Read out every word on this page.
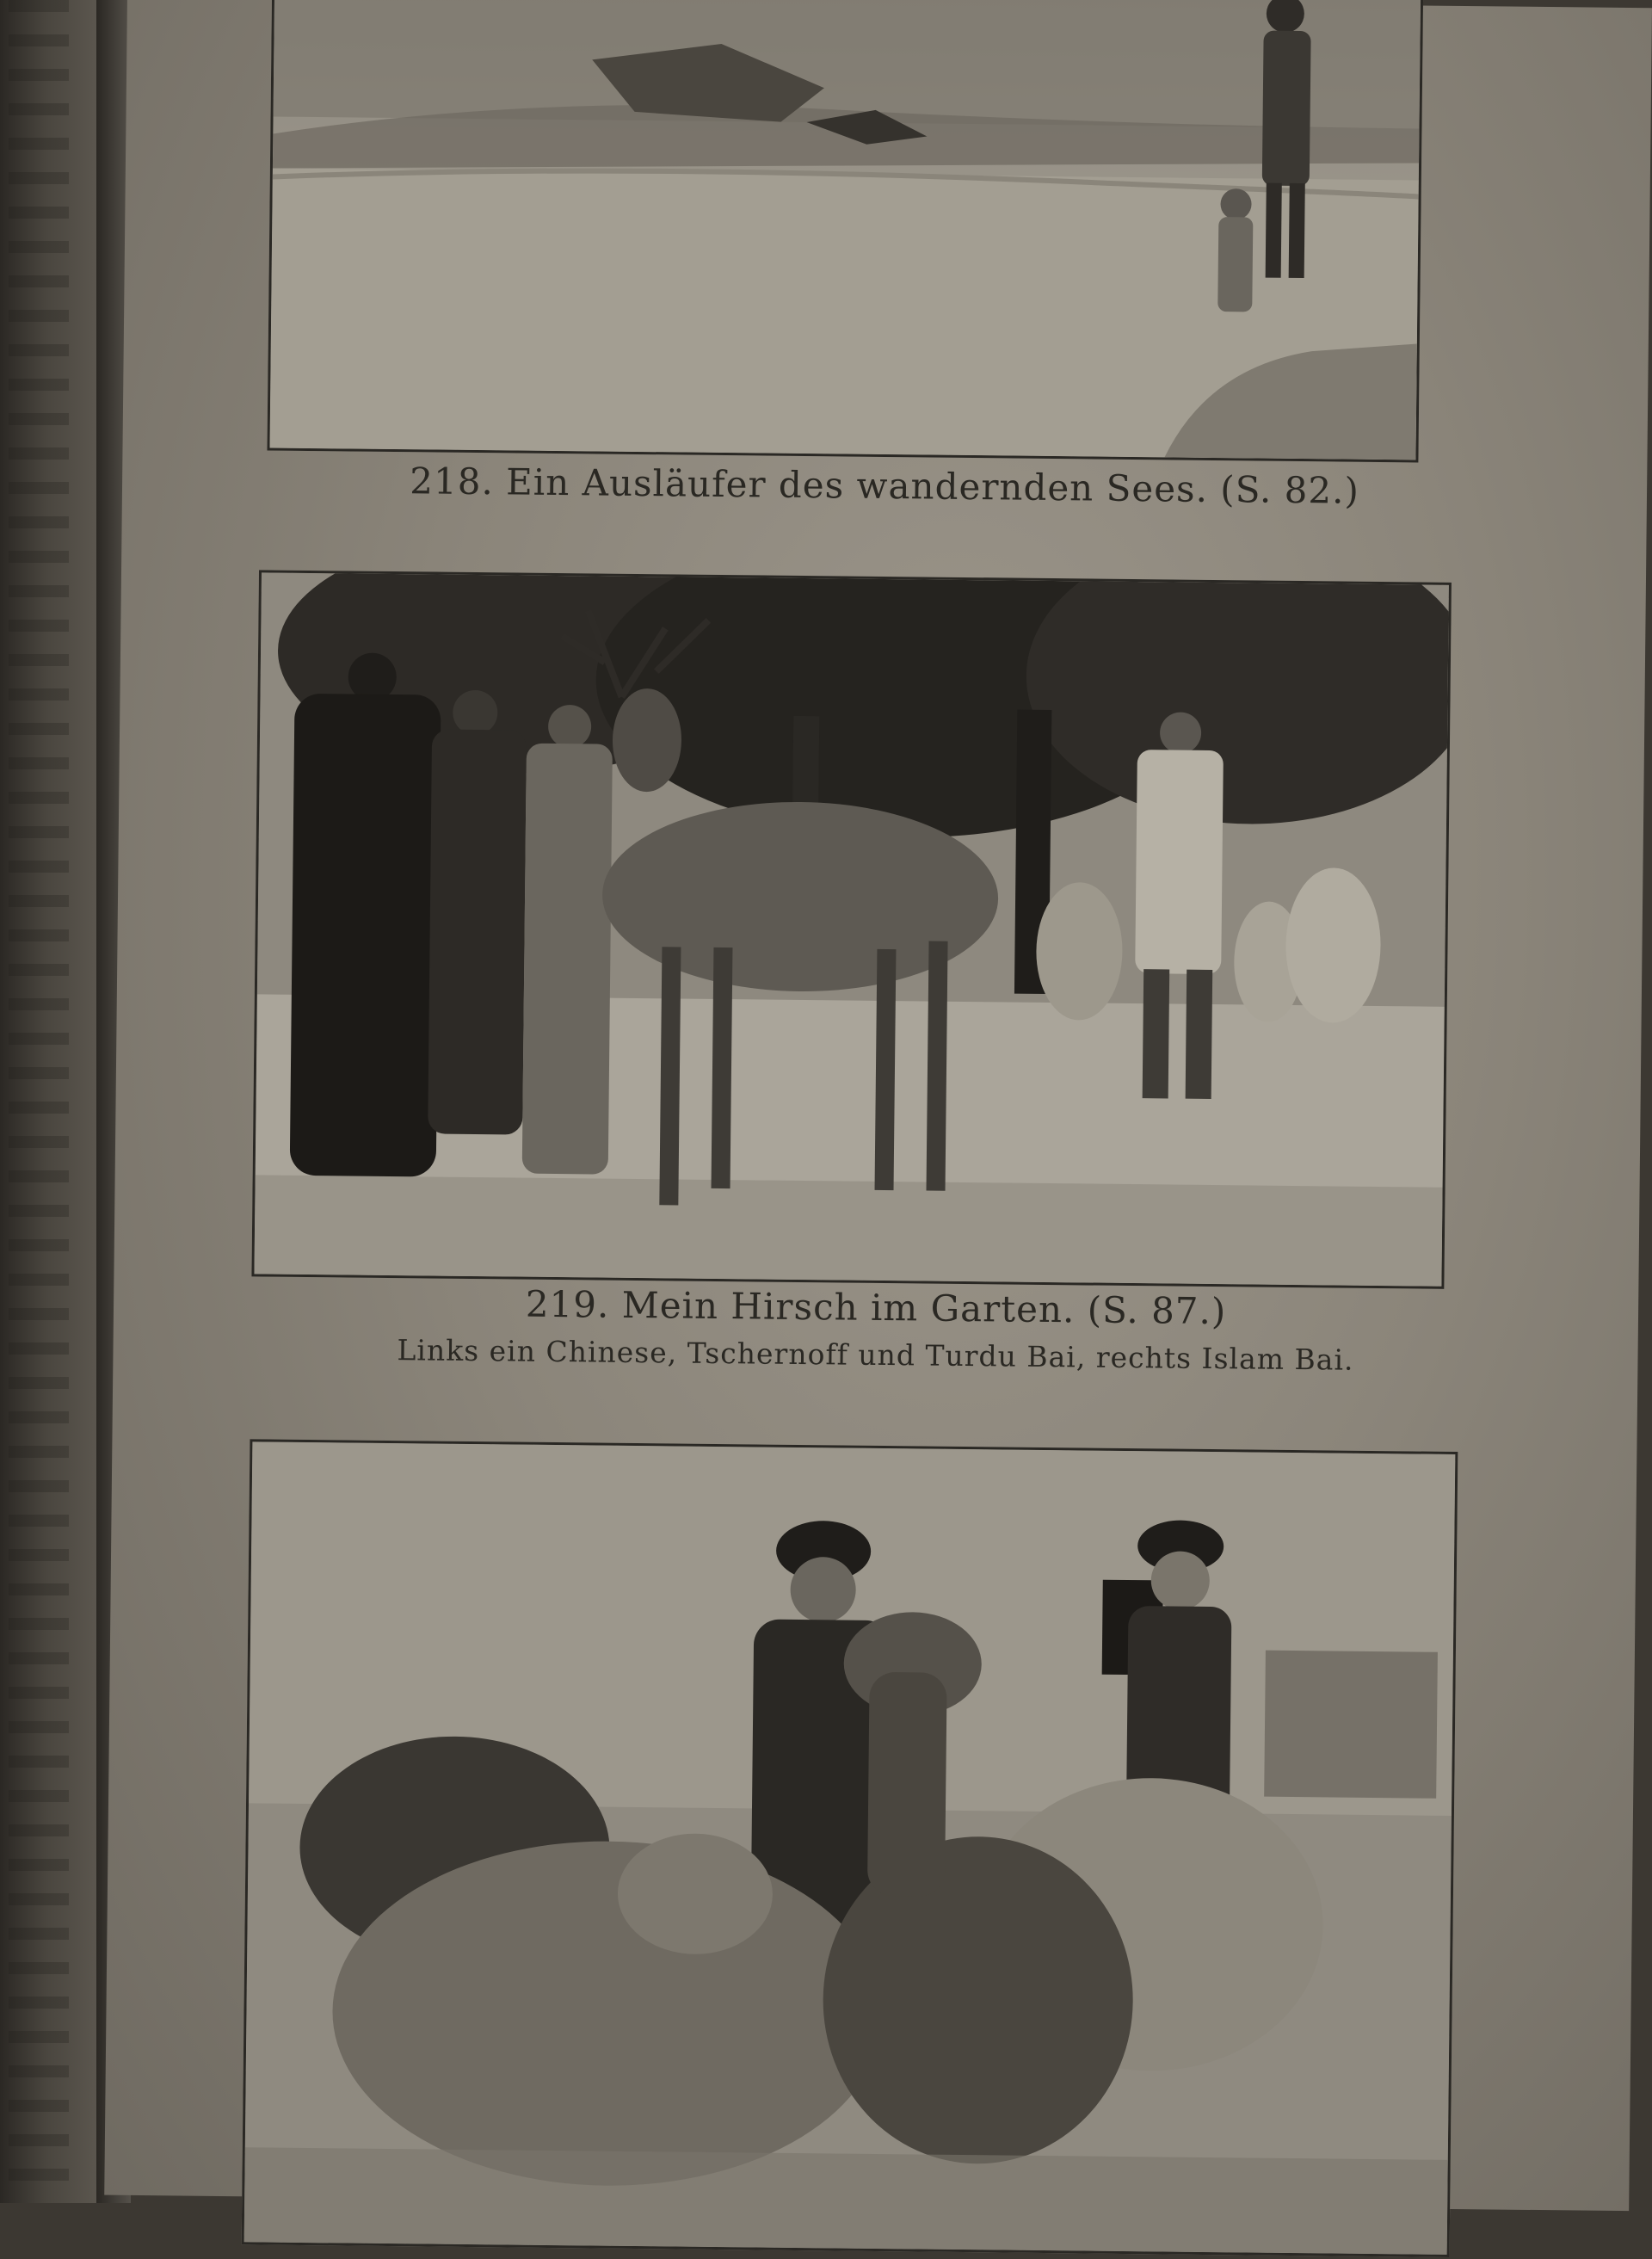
218. Ein Ausläufer des wandernden Sees. (S. 82.)
219. Mein Hirsch im Garten. (S. 87.)
Links ein Chinese, Tschernoff und Turdu Bai, rechts Islam Bai.
